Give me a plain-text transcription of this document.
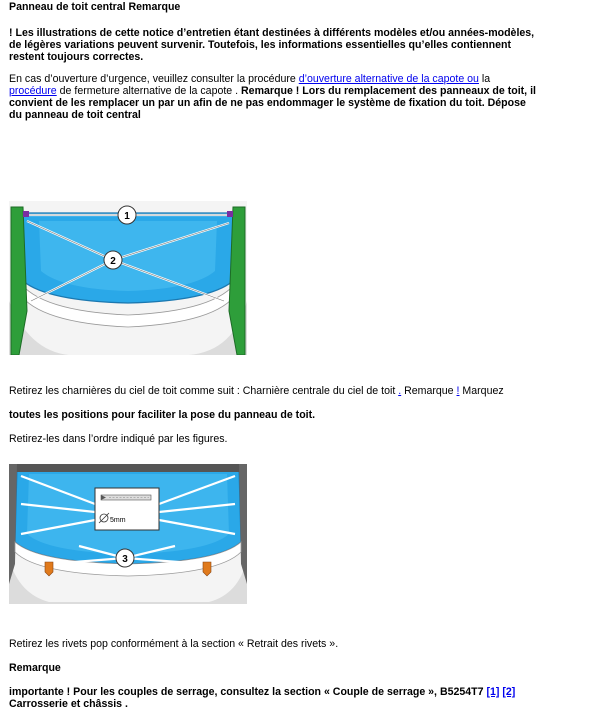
Panneau de toit central Remarque
! Les illustrations de cette notice d’entretien étant destinées à différents modèles et/ou années-modèles,
de légères variations peuvent survenir. Toutefois, les informations essentielles qu’elles contiennent
restent toujours correctes.
En cas d’ouverture d’urgence, veuillez consulter la procédure d’ouverture alternative de la capote ou la
procédure de fermeture alternative de la capote . Remarque ! Lors du remplacement des panneaux de toit, il
convient de les remplacer un par un afin de ne pas endommager le système de fixation du toit. Dépose
du panneau de toit central
1
2
Retirez les charnières du ciel de toit comme suit : Charnière centrale du ciel de toit . Remarque ! Marquez
toutes les positions pour faciliter la pose du panneau de toit.
Retirez-les dans l’ordre indiqué par les figures.
5mm
3
Retirez les rivets pop conformément à la section « Retrait des rivets ».
Remarque
importante ! Pour les couples de serrage, consultez la section « Couple de serrage », B5254T7 [1] [2]
Carrosserie et châssis .
